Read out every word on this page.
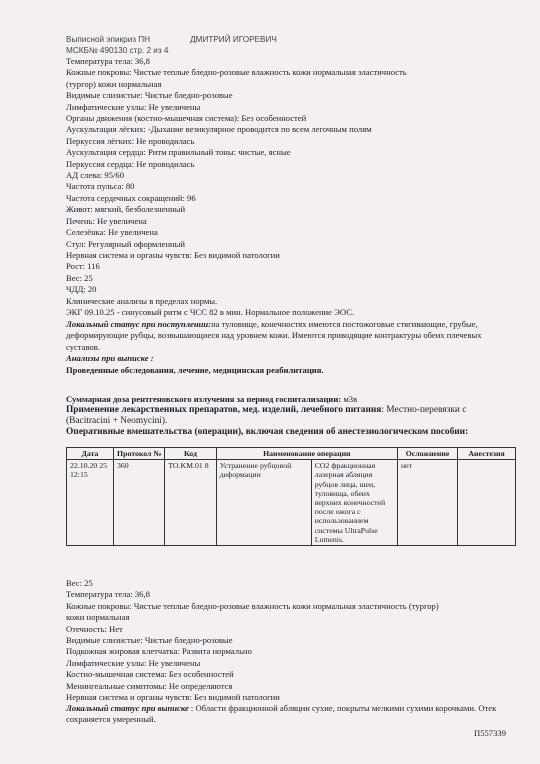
Выписной эпикриз ПН	ДМИТРИЙ ИГОРЕВИЧ
МСКБ№ 490130 стр. 2 из 4
Температура тела: 36,8
Кожные покровы: Чистые теплые бледно-розовые влажность кожи нормальная эластичность
(тургор) кожи нормальная
Видимые слизистые: Чистые бледно-розовые
Лимфатические узлы: Не увеличены
Органы движения (костно-мышечная система): Без особенностей
Аускультация лёгких: -Дыхание везикулярное проводится по всем легочным полям
Перкуссия лёгких: Не проводилась
Аускультация сердца: Ритм правильный тоны: чистые, ясные
Перкуссия сердца: Не проводилась
АД слева: 95/60
Частота пульса: 80
Частота сердечных сокращений: 96
Живот: мягкий, безболезненный
Печень: Не увеличена
Селезёнка: Не увеличена
Стул: Регулярный оформленный
Нервная система и органы чувств: Без видимой патологии
Рост: 116
Вес: 25
ЧДД: 20
Клинические анализы в пределах нормы.
ЭКГ 09.10.25 - синусовый ритм с ЧСС 82 в мин. Нормальное положение ЭОС.
Локальный статус при поступлении:на туловище, конечностях имеются постожоговые стягивающие, грубые, деформирующие рубцы, возвышающиеся над уровнем кожи. Имеются приводящие контрактуры обеих плечевых суставов.
Анализы при выписке :
Проведенные обследования, лечение, медицинская реабилитация.
Суммарная доза рентгеновского излучения за период госпитализации: м3в
Применение лекарственных препаратов, мед. изделий, лечебного питания: Местно-перевязки с (Bacitracini + Neomycini).
Оперативные вмешательства (операции), включая сведения об анестезиологическом пособии:
Дата	Протокол №	Код	Наименование операции		Осложнение	Анестезия
22.10.20 25 12:15	360	TO.KM.01 8	Устранение рубцовой деформации	CO2 фракционная лазерная абляция рубцов лица, шеи, туловища, обеих верхних конечностей после ожога с использованием системы UltraPulse Lumenis.	нет	
Вес: 25
Температура тела: 36,8
Кожные покровы: Чистые теплые бледно-розовые влажность кожи нормальная эластичность (тургор)
кожи нормальная
Отечность: Нет
Видимые слизистые: Чистые бледно-розовые
Подкожная жировая клетчатка: Развита нормально
Лимфатические узлы: Не увеличены
Костно-мышечная система: Без особенностей
Менингеальные симптомы: Не определяются
Нервная система и органы чувств: Без видимой патологии
Локальный статус при выписке : Области фракционной абляции сухие, покрыты мелкими сухими корочками. Отек сохраняется умеренный.
П557339
